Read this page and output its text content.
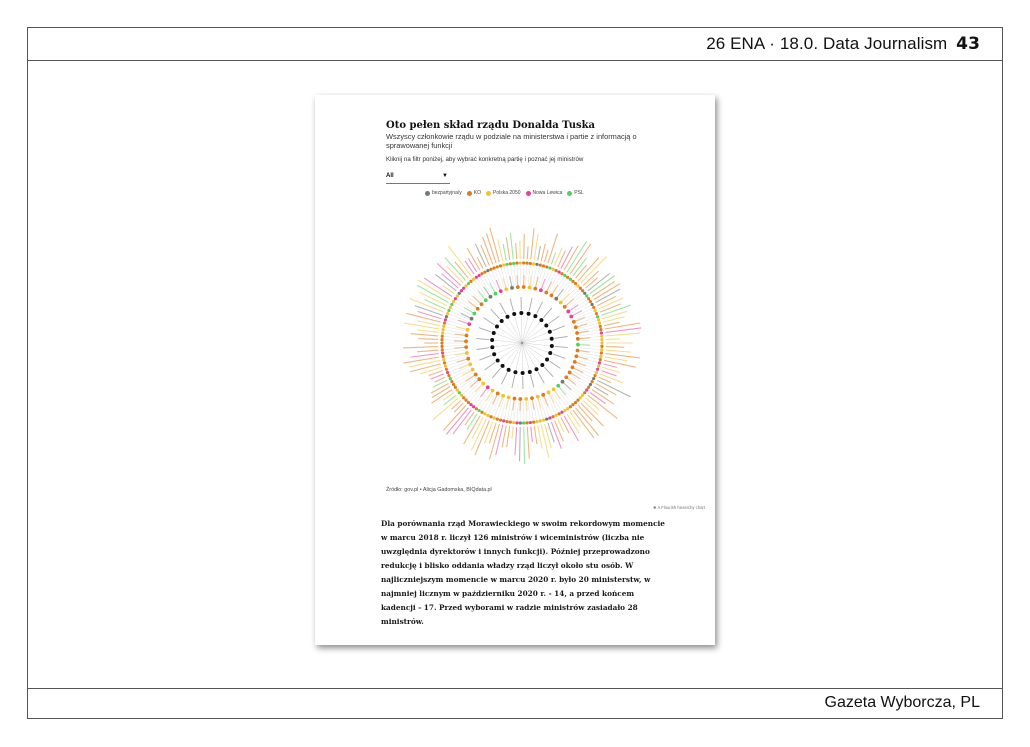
26 ENA · 18.0. Data Journalism 43
Gazeta Wyborcza, PL
Oto pełen skład rządu Donalda Tuska
Wszyscy członkowie rządu w podziale na ministerstwa i partie z informacją o sprawowanej funkcji
Kliknij na filtr poniżej, aby wybrać konkretną partię i poznać jej ministrów
All	▼
bezpartyjna/y KO Polska 2050 Nowa Lewica PSL
Źródło: gov.pl • Alicja Gadomska, BIQdata.pl
✱ A Flourish hierarchy chart
Dla porównania rząd Morawieckiego w swoim rekordowym momencie w marcu 2018 r. liczył 126 ministrów i wiceministrów (liczba nie uwzględnia dyrektorów i innych funkcji). Później przeprowadzono redukcję i blisko oddania władzy rząd liczył około stu osób. W najliczniejszym momencie w marcu 2020 r. było 20 ministerstw, w najmniej licznym w październiku 2020 r. - 14, a przed końcem kadencji - 17. Przed wyborami w radzie ministrów zasiadało 28 ministrów.
